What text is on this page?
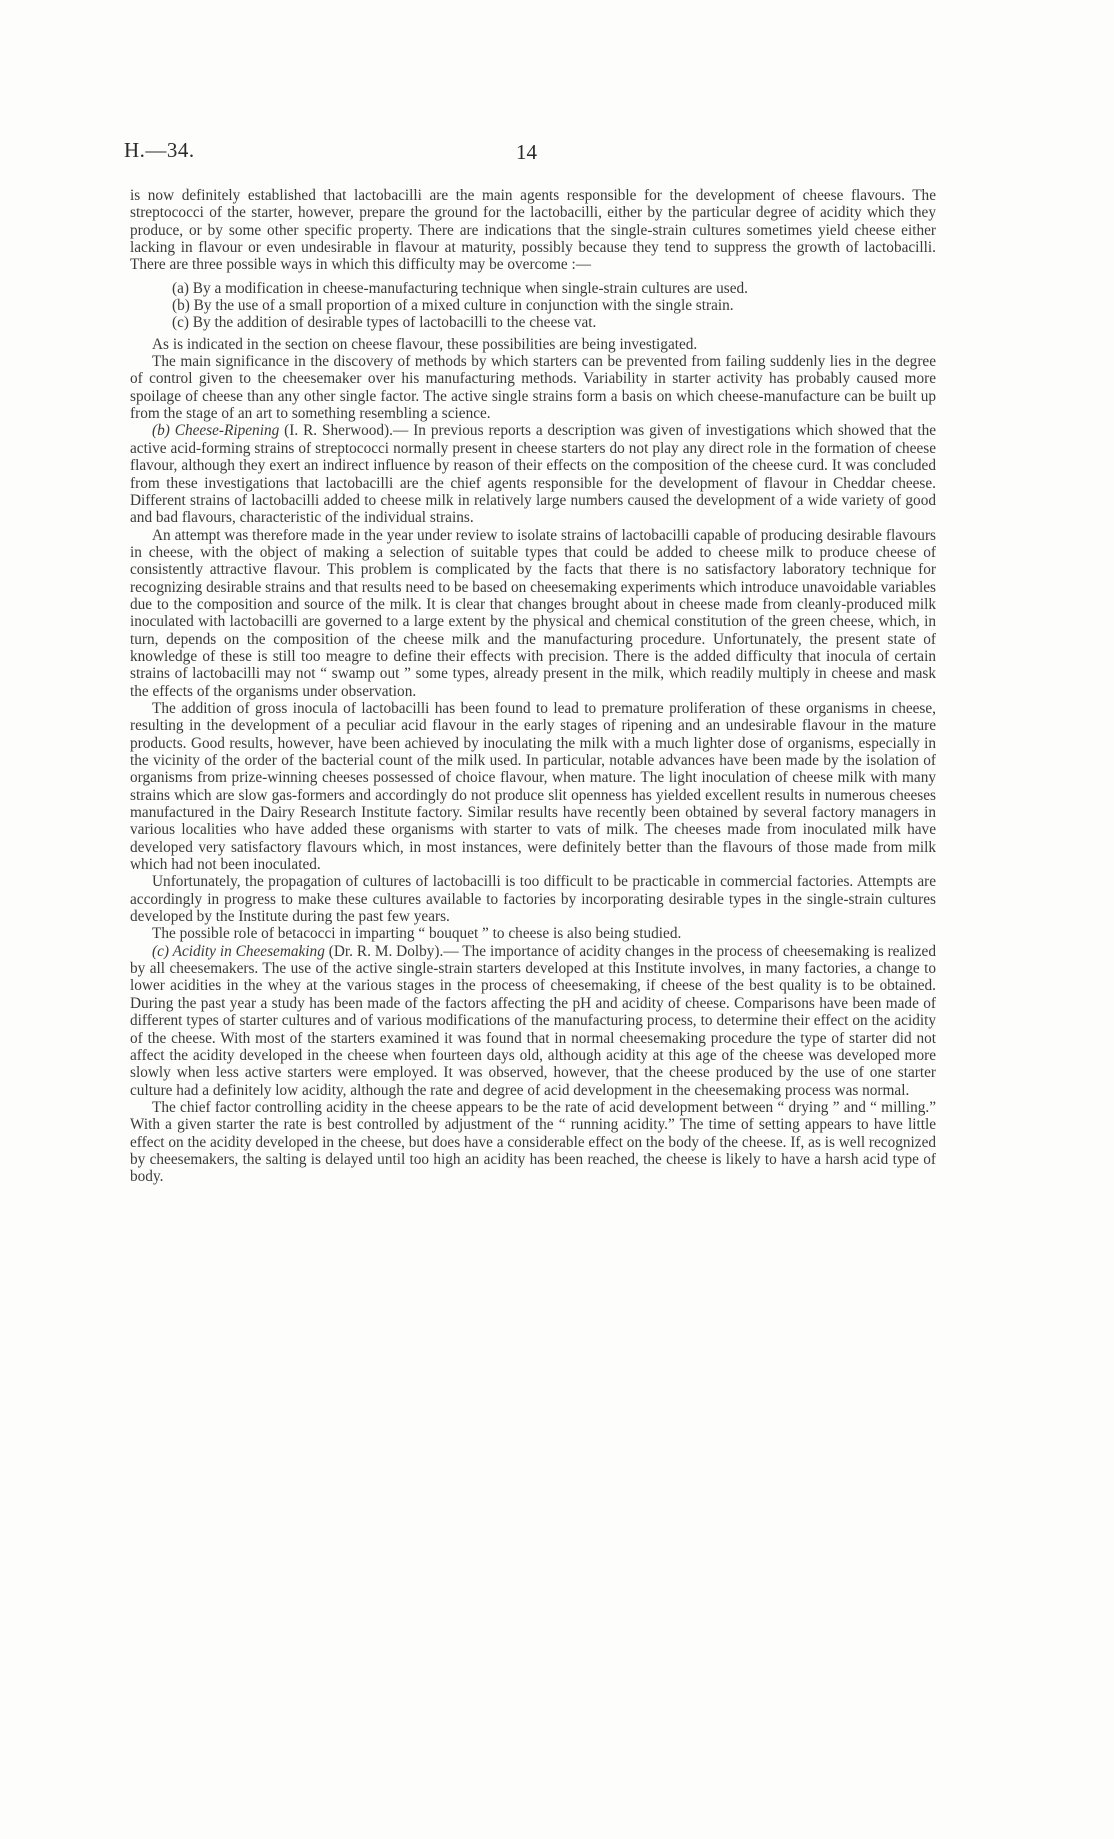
H.—34.	14

is now definitely established that lactobacilli are the main agents responsible for the development of cheese flavours. The streptococci of the starter, however, prepare the ground for the lactobacilli, either by the particular degree of acidity which they produce, or by some other specific property. There are indications that the single-strain cultures sometimes yield cheese either lacking in flavour or even undesirable in flavour at maturity, possibly because they tend to suppress the growth of lactobacilli. There are three possible ways in which this difficulty may be overcome :—

(a) By a modification in cheese-manufacturing technique when single-strain cultures are used.
(b) By the use of a small proportion of a mixed culture in conjunction with the single strain.
(c) By the addition of desirable types of lactobacilli to the cheese vat.

As is indicated in the section on cheese flavour, these possibilities are being investigated.

The main significance in the discovery of methods by which starters can be prevented from failing suddenly lies in the degree of control given to the cheesemaker over his manufacturing methods. Variability in starter activity has probably caused more spoilage of cheese than any other single factor. The active single strains form a basis on which cheese-manufacture can be built up from the stage of an art to something resembling a science.

(b) Cheese-Ripening (I. R. Sherwood).— In previous reports a description was given of investigations which showed that the active acid-forming strains of streptococci normally present in cheese starters do not play any direct role in the formation of cheese flavour, although they exert an indirect influence by reason of their effects on the composition of the cheese curd. It was concluded from these investigations that lactobacilli are the chief agents responsible for the development of flavour in Cheddar cheese. Different strains of lactobacilli added to cheese milk in relatively large numbers caused the development of a wide variety of good and bad flavours, characteristic of the individual strains.

An attempt was therefore made in the year under review to isolate strains of lactobacilli capable of producing desirable flavours in cheese, with the object of making a selection of suitable types that could be added to cheese milk to produce cheese of consistently attractive flavour. This problem is complicated by the facts that there is no satisfactory laboratory technique for recognizing desirable strains and that results need to be based on cheesemaking experiments which introduce unavoidable variables due to the composition and source of the milk. It is clear that changes brought about in cheese made from cleanly-produced milk inoculated with lactobacilli are governed to a large extent by the physical and chemical constitution of the green cheese, which, in turn, depends on the composition of the cheese milk and the manufacturing procedure. Unfortunately, the present state of knowledge of these is still too meagre to define their effects with precision. There is the added difficulty that inocula of certain strains of lactobacilli may not “ swamp out ” some types, already present in the milk, which readily multiply in cheese and mask the effects of the organisms under observation.

The addition of gross inocula of lactobacilli has been found to lead to premature proliferation of these organisms in cheese, resulting in the development of a peculiar acid flavour in the early stages of ripening and an undesirable flavour in the mature products. Good results, however, have been achieved by inoculating the milk with a much lighter dose of organisms, especially in the vicinity of the order of the bacterial count of the milk used. In particular, notable advances have been made by the isolation of organisms from prize-winning cheeses possessed of choice flavour, when mature. The light inoculation of cheese milk with many strains which are slow gas-formers and accordingly do not produce slit openness has yielded excellent results in numerous cheeses manufactured in the Dairy Research Institute factory. Similar results have recently been obtained by several factory managers in various localities who have added these organisms with starter to vats of milk. The cheeses made from inoculated milk have developed very satisfactory flavours which, in most instances, were definitely better than the flavours of those made from milk which had not been inoculated.

Unfortunately, the propagation of cultures of lactobacilli is too difficult to be practicable in commercial factories. Attempts are accordingly in progress to make these cultures available to factories by incorporating desirable types in the single-strain cultures developed by the Institute during the past few years.

The possible role of betacocci in imparting “ bouquet ” to cheese is also being studied.

(c) Acidity in Cheesemaking (Dr. R. M. Dolby).— The importance of acidity changes in the process of cheesemaking is realized by all cheesemakers. The use of the active single-strain starters developed at this Institute involves, in many factories, a change to lower acidities in the whey at the various stages in the process of cheesemaking, if cheese of the best quality is to be obtained. During the past year a study has been made of the factors affecting the pH and acidity of cheese. Comparisons have been made of different types of starter cultures and of various modifications of the manufacturing process, to determine their effect on the acidity of the cheese. With most of the starters examined it was found that in normal cheesemaking procedure the type of starter did not affect the acidity developed in the cheese when fourteen days old, although acidity at this age of the cheese was developed more slowly when less active starters were employed. It was observed, however, that the cheese produced by the use of one starter culture had a definitely low acidity, although the rate and degree of acid development in the cheesemaking process was normal.

The chief factor controlling acidity in the cheese appears to be the rate of acid development between “ drying ” and “ milling.” With a given starter the rate is best controlled by adjustment of the “ running acidity.” The time of setting appears to have little effect on the acidity developed in the cheese, but does have a considerable effect on the body of the cheese. If, as is well recognized by cheesemakers, the salting is delayed until too high an acidity has been reached, the cheese is likely to have a harsh acid type of body.
